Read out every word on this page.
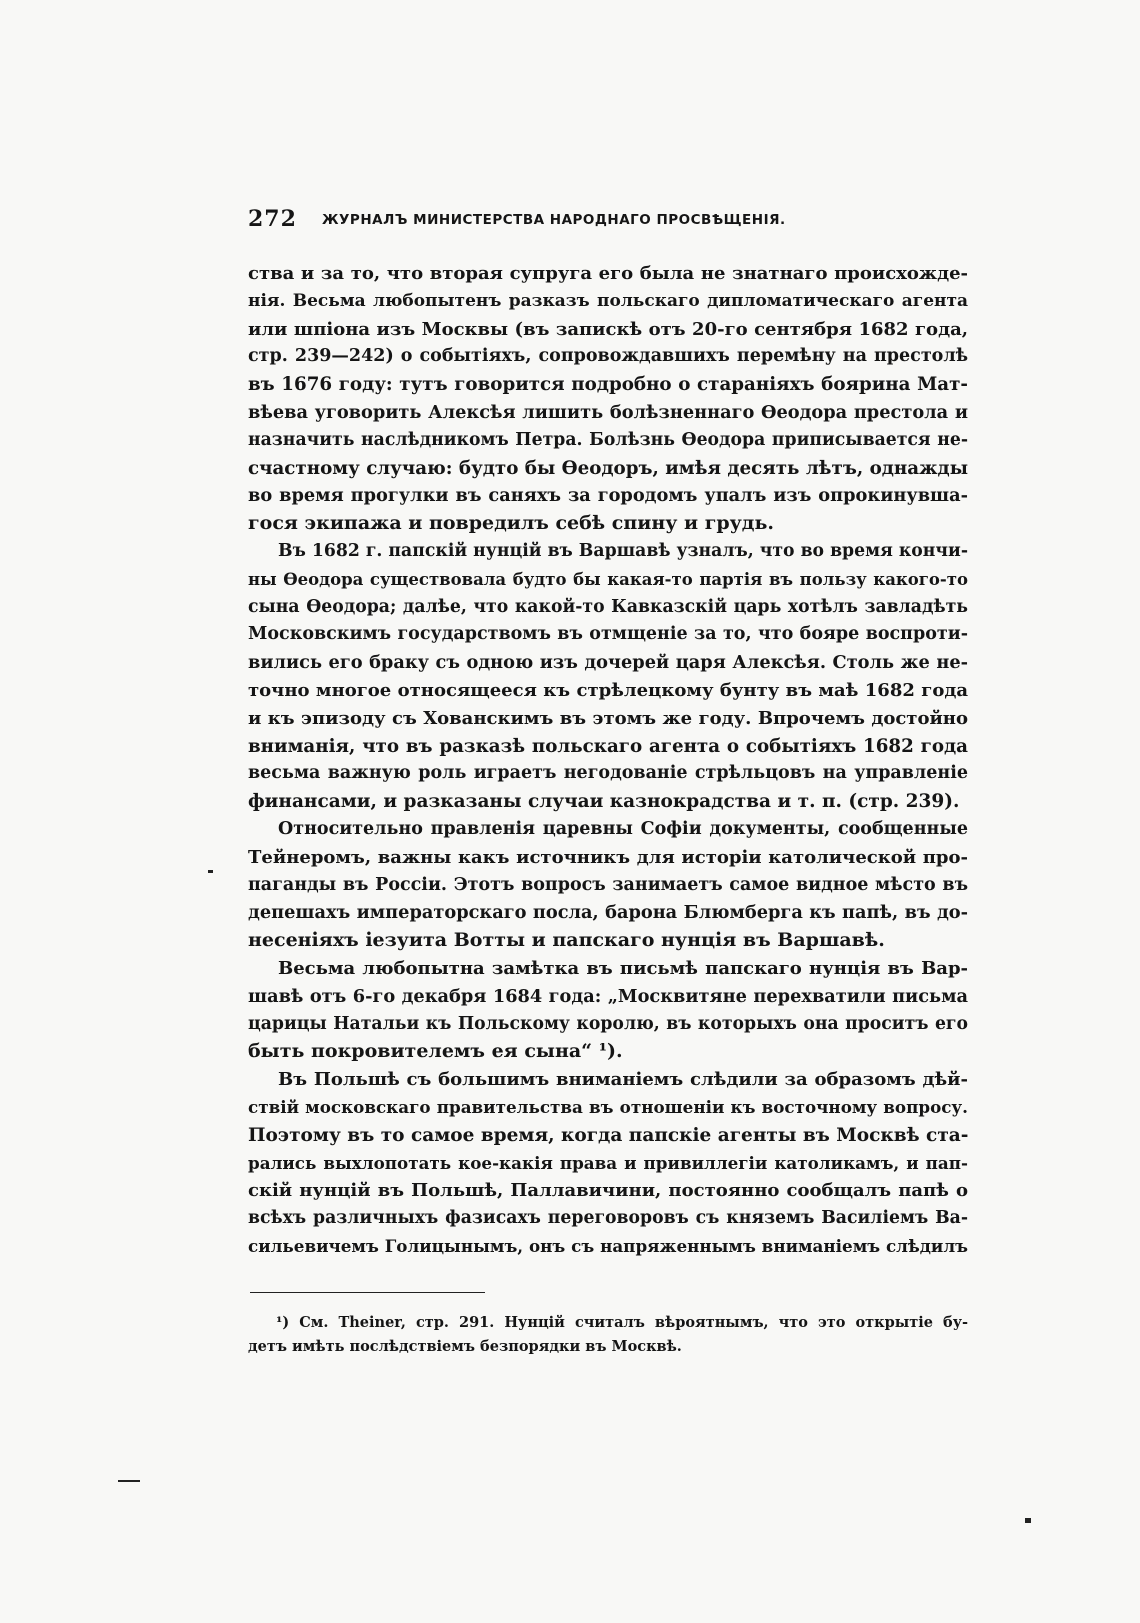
272 ЖУРНАЛЪ МИНИСТЕРСТВА НАРОДНАГО ПРОСВѢЩЕНІЯ.
ства и за то, что вторая супруга его была не знатнаго происхожде-
нія. Весьма любопытенъ разказъ польскаго дипломатическаго агента
или шпіона изъ Москвы (въ запискѣ отъ 20-го сентября 1682 года,
стр. 239—242) о событіяхъ, сопровождавшихъ перемѣну на престолѣ
въ 1676 году: тутъ говорится подробно о стараніяхъ боярина Мат-
вѣева уговорить Алексѣя лишить болѣзненнаго Ѳеодора престола и
назначить наслѣдникомъ Петра. Болѣзнь Ѳеодора приписывается не-
счастному случаю: будто бы Ѳеодоръ, имѣя десять лѣтъ, однажды
во время прогулки въ саняхъ за городомъ упалъ изъ опрокинувша-
гося экипажа и повредилъ себѣ спину и грудь.
Въ 1682 г. папскій нунцій въ Варшавѣ узналъ, что во время кончи-
ны Ѳеодора существовала будто бы какая-то партія въ пользу какого-то
сына Ѳеодора; далѣе, что какой-то Кавказскій царь хотѣлъ завладѣть
Московскимъ государствомъ въ отмщеніе за то, что бояре воспроти-
вились его браку съ одною изъ дочерей царя Алексѣя. Столь же не-
точно многое относящееся къ стрѣлецкому бунту въ маѣ 1682 года
и къ эпизоду съ Хованскимъ въ этомъ же году. Впрочемъ достойно
вниманія, что въ разказѣ польскаго агента о событіяхъ 1682 года
весьма важную роль играетъ негодованіе стрѣльцовъ на управленіе
финансами, и разказаны случаи казнокрадства и т. п. (стр. 239).
Относительно правленія царевны Софіи документы, сообщенные
Тейнеромъ, важны какъ источникъ для исторіи католической про-
паганды въ Россіи. Этотъ вопросъ занимаетъ самое видное мѣсто въ
депешахъ императорскаго посла, барона Блюмберга къ папѣ, въ до-
несеніяхъ іезуита Вотты и папскаго нунція въ Варшавѣ.
Весьма любопытна замѣтка въ письмѣ папскаго нунція въ Вар-
шавѣ отъ 6-го декабря 1684 года: „Москвитяне перехватили письма
царицы Натальи къ Польскому королю, въ которыхъ она проситъ его
быть покровителемъ ея сына“ ¹).
Въ Польшѣ съ большимъ вниманіемъ слѣдили за образомъ дѣй-
ствій московскаго правительства въ отношеніи къ восточному вопросу.
Поэтому въ то самое время, когда папскіе агенты въ Москвѣ ста-
рались выхлопотать кое-какія права и привиллегіи католикамъ, и пап-
скій нунцій въ Польшѣ, Паллавичини, постоянно сообщалъ папѣ о
всѣхъ различныхъ фазисахъ переговоровъ съ княземъ Василіемъ Ва-
сильевичемъ Голицынымъ, онъ съ напряженнымъ вниманіемъ слѣдилъ
¹) См. Theiner, стр. 291. Нунцій считалъ вѣроятнымъ, что это открытіе бу-
детъ имѣть послѣдствіемъ безпорядки въ Москвѣ.
